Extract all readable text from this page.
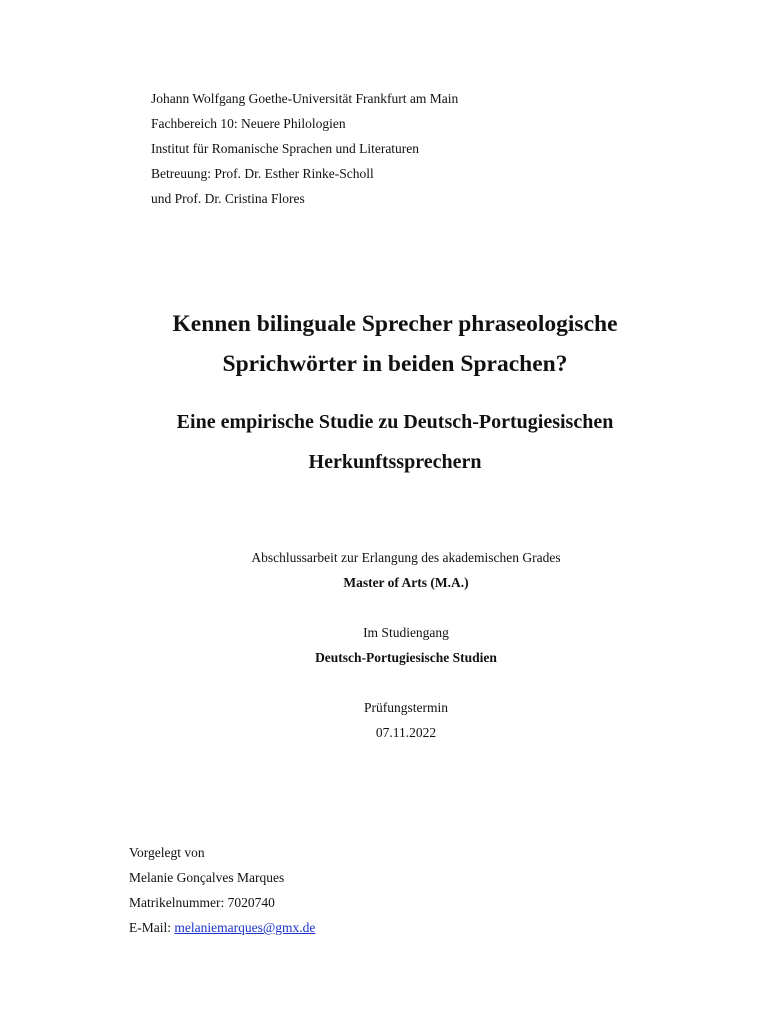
Johann Wolfgang Goethe-Universität Frankfurt am Main
Fachbereich 10: Neuere Philologien
Institut für Romanische Sprachen und Literaturen
Betreuung: Prof. Dr. Esther Rinke-Scholl
und Prof. Dr. Cristina Flores
Kennen bilinguale Sprecher phraseologische
Sprichwörter in beiden Sprachen?
Eine empirische Studie zu Deutsch-Portugiesischen
Herkunftssprechern
Abschlussarbeit zur Erlangung des akademischen Grades
Master of Arts (M.A.)
Im Studiengang
Deutsch-Portugiesische Studien
Prüfungstermin
07.11.2022
Vorgelegt von
Melanie Gonçalves Marques
Matrikelnummer: 7020740
E-Mail: melaniemarques@gmx.de
